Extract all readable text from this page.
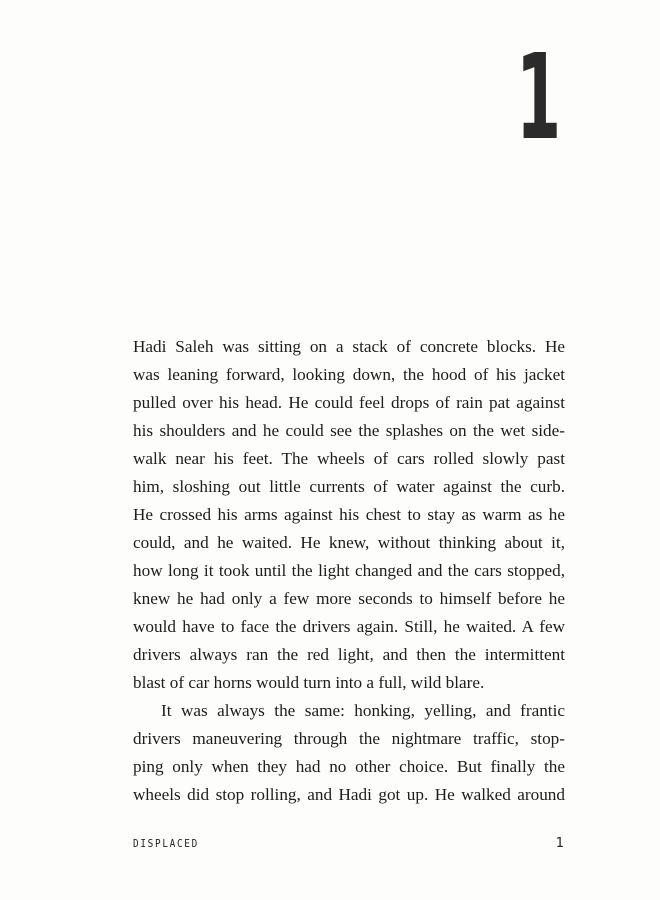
1
Hadi Saleh was sitting on a stack of concrete blocks. He
was leaning forward, looking down, the hood of his jacket
pulled over his head. He could feel drops of rain pat against
his shoulders and he could see the splashes on the wet side-
walk near his feet. The wheels of cars rolled slowly past
him, sloshing out little currents of water against the curb.
He crossed his arms against his chest to stay as warm as he
could, and he waited. He knew, without thinking about it,
how long it took until the light changed and the cars stopped,
knew he had only a few more seconds to himself before he
would have to face the drivers again. Still, he waited. A few
drivers always ran the red light, and then the intermittent
blast of car horns would turn into a full, wild blare.
It was always the same: honking, yelling, and frantic
drivers maneuvering through the nightmare traffic, stop-
ping only when they had no other choice. But finally the
wheels did stop rolling, and Hadi got up. He walked around
DISPLACED	1
